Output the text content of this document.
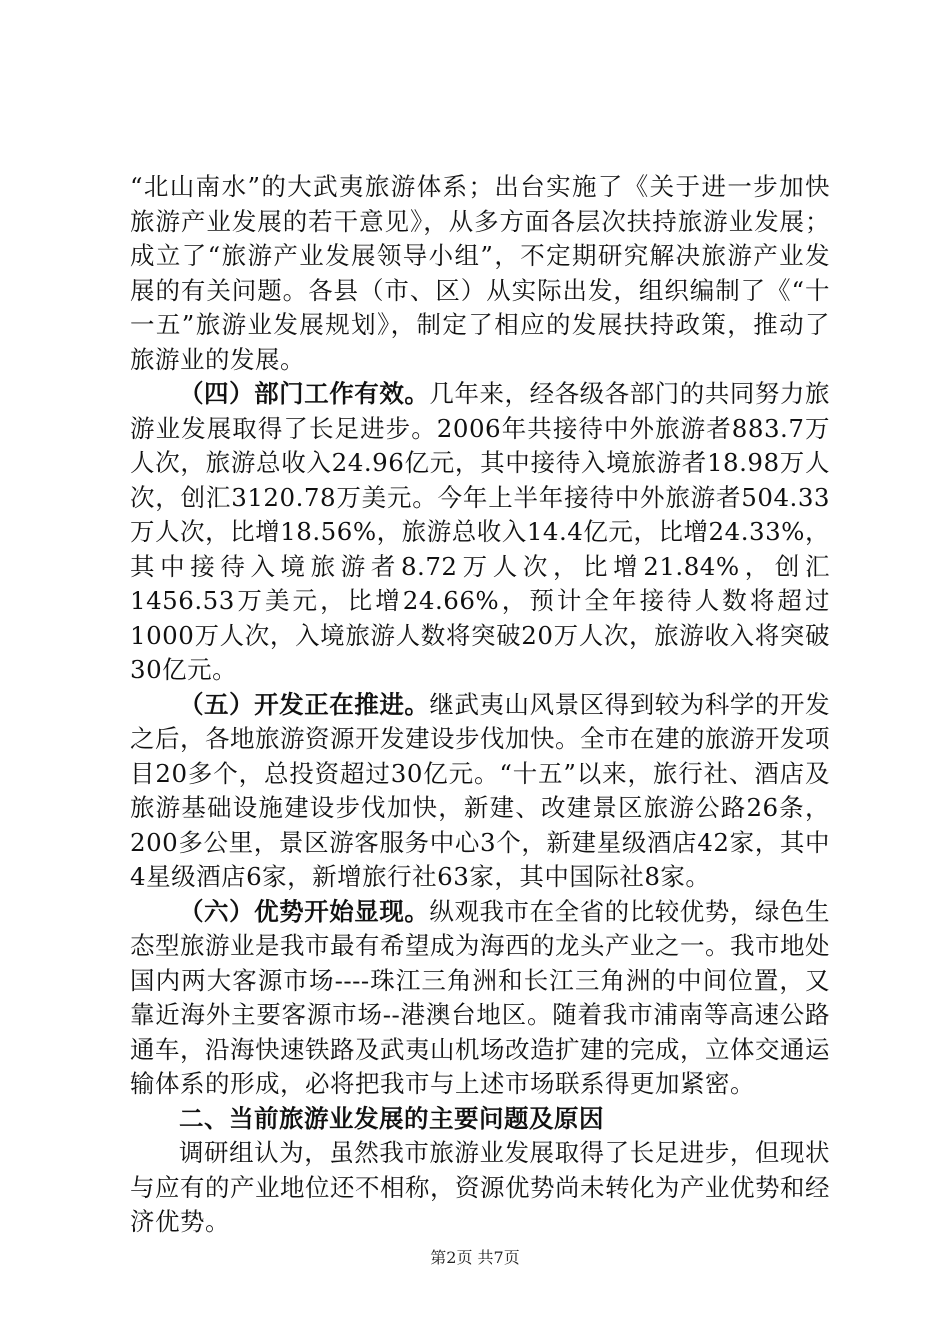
“北山南水”的大武夷旅游体系；出台实施了《关于进一步加快旅游产业发展的若干意见》，从多方面各层次扶持旅游业发展；成立了“旅游产业发展领导小组”，不定期研究解决旅游产业发展的有关问题。各县（市、区）从实际出发，组织编制了《“十一五”旅游业发展规划》，制定了相应的发展扶持政策，推动了旅游业的发展。

（四）部门工作有效。几年来，经各级各部门的共同努力旅游业发展取得了长足进步。2006年共接待中外旅游者883.7万人次，旅游总收入24.96亿元，其中接待入境旅游者18.98万人次，创汇3120.78万美元。今年上半年接待中外旅游者504.33万人次，比增18.56%，旅游总收入14.4亿元，比增24.33%，其中接待入境旅游者8.72万人次，比增21.84%，创汇1456.53万美元，比增24.66%，预计全年接待人数将超过1000万人次，入境旅游人数将突破20万人次，旅游收入将突破30亿元。

（五）开发正在推进。继武夷山风景区得到较为科学的开发之后，各地旅游资源开发建设步伐加快。全市在建的旅游开发项目20多个，总投资超过30亿元。“十五”以来，旅行社、酒店及旅游基础设施建设步伐加快，新建、改建景区旅游公路26条，200多公里，景区游客服务中心3个，新建星级酒店42家，其中4星级酒店6家，新增旅行社63家，其中国际社8家。

（六）优势开始显现。纵观我市在全省的比较优势，绿色生态型旅游业是我市最有希望成为海西的龙头产业之一。我市地处国内两大客源市场----珠江三角洲和长江三角洲的中间位置，又靠近海外主要客源市场--港澳台地区。随着我市浦南等高速公路通车，沿海快速铁路及武夷山机场改造扩建的完成，立体交通运输体系的形成，必将把我市与上述市场联系得更加紧密。

二、当前旅游业发展的主要问题及原因

调研组认为，虽然我市旅游业发展取得了长足进步，但现状与应有的产业地位还不相称，资源优势尚未转化为产业优势和经济优势。

第2页 共7页
